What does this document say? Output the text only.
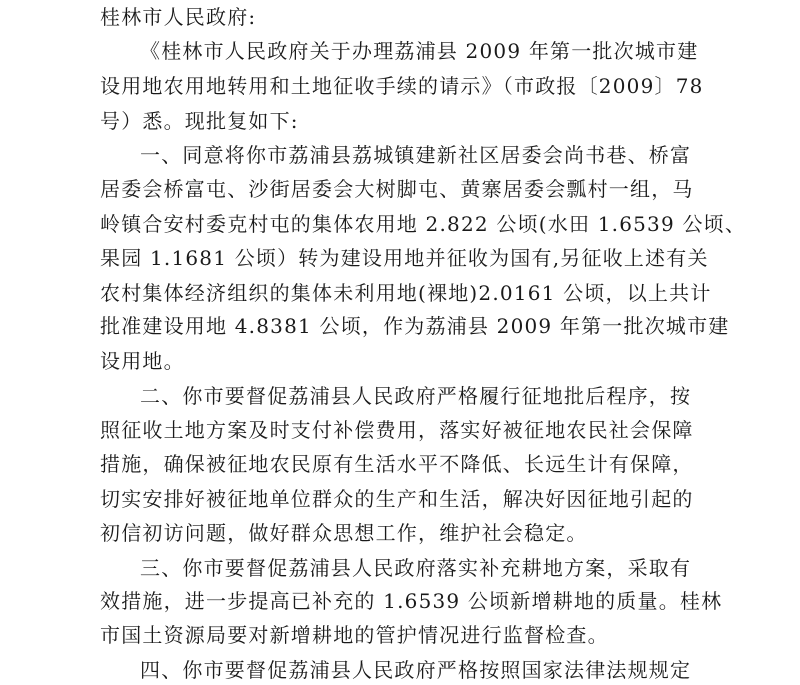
桂林市人民政府:
《桂林市人民政府关于办理荔浦县 2009 年第一批次城市建
设用地农用地转用和土地征收手续的请示》（市政报〔2009〕78
号）悉。现批复如下:
一、同意将你市荔浦县荔城镇建新社区居委会尚书巷、桥富
居委会桥富屯、沙街居委会大树脚屯、黄寨居委会瓢村一组，马
岭镇合安村委克村屯的集体农用地 2.822 公顷(水田 1.6539 公顷、
果园 1.1681 公顷）转为建设用地并征收为国有,另征收上述有关
农村集体经济组织的集体未利用地(裸地)2.0161 公顷，以上共计
批准建设用地 4.8381 公顷，作为荔浦县 2009 年第一批次城市建
设用地。
二、你市要督促荔浦县人民政府严格履行征地批后程序，按
照征收土地方案及时支付补偿费用，落实好被征地农民社会保障
措施，确保被征地农民原有生活水平不降低、长远生计有保障，
切实安排好被征地单位群众的生产和生活，解决好因征地引起的
初信初访问题，做好群众思想工作，维护社会稳定。
三、你市要督促荔浦县人民政府落实补充耕地方案，采取有
效措施，进一步提高已补充的 1.6539 公顷新增耕地的质量。桂林
市国土资源局要对新增耕地的管护情况进行监督检查。
四、你市要督促荔浦县人民政府严格按照国家法律法规规定
